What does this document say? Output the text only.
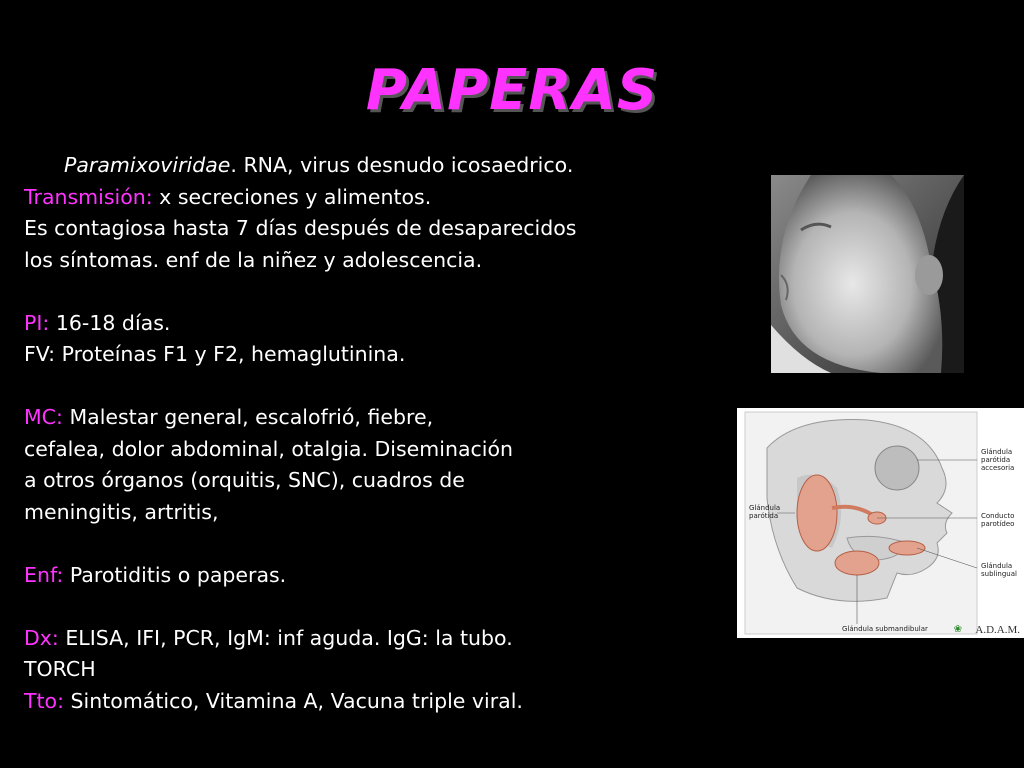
PAPERAS
Paramixoviridae. RNA, virus desnudo icosaedrico.
Transmisión: x secreciones y alimentos.
Es contagiosa hasta 7 días después de desaparecidos
los síntomas. enf de la niñez y adolescencia.
PI: 16-18 días.
FV: Proteínas F1 y F2, hemaglutinina.
MC: Malestar general, escalofrió, fiebre,
cefalea, dolor abdominal, otalgia. Diseminación
a otros órganos (orquitis, SNC), cuadros de
meningitis, artritis,
Enf: Parotiditis o paperas.
Dx: ELISA, IFI, PCR, IgM: inf aguda. IgG: la tubo.
TORCH
Tto: Sintomático, Vitamina A, Vacuna triple viral.
Glándula parótida accesoria
Glándula parótida	Conducto parotídeo
Glándula sublingual
Glándula submandibular	❀ A.D.A.M.
